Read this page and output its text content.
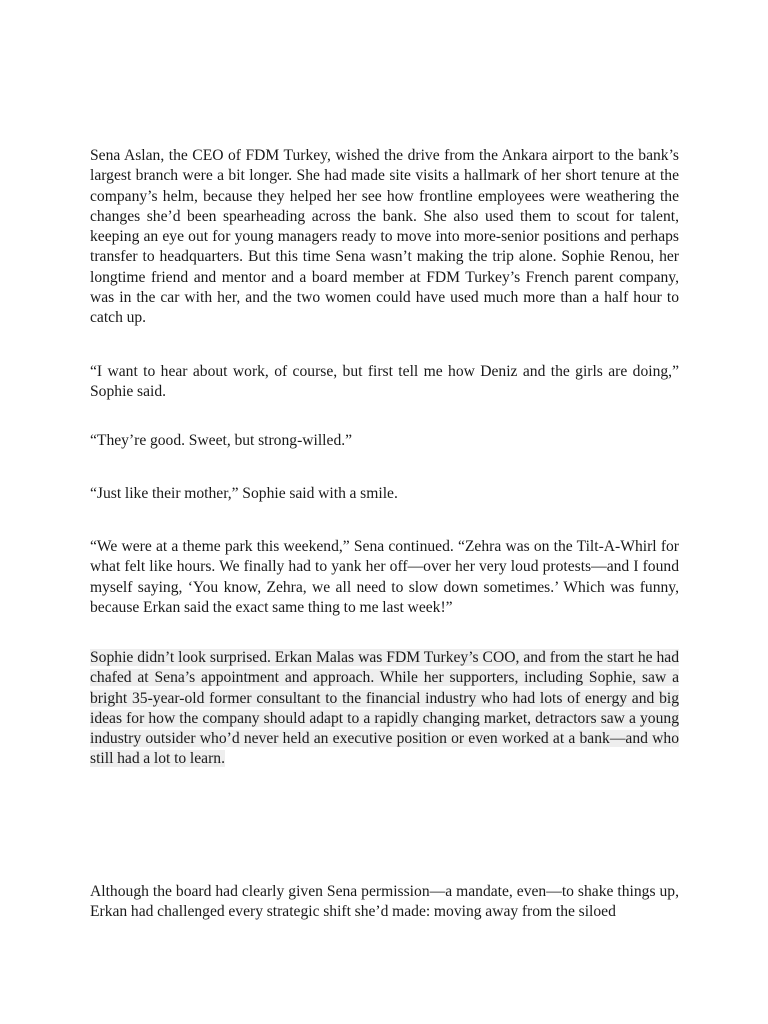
Sena Aslan, the CEO of FDM Turkey, wished the drive from the Ankara airport to the bank’s largest branch were a bit longer. She had made site visits a hallmark of her short tenure at the company’s helm, because they helped her see how frontline employees were weathering the changes she’d been spearheading across the bank. She also used them to scout for talent, keeping an eye out for young managers ready to move into more-senior positions and perhaps transfer to headquarters. But this time Sena wasn’t making the trip alone. Sophie Renou, her longtime friend and mentor and a board member at FDM Turkey’s French parent company, was in the car with her, and the two women could have used much more than a half hour to catch up.

“I want to hear about work, of course, but first tell me how Deniz and the girls are doing,” Sophie said.

“They’re good. Sweet, but strong-willed.”

“Just like their mother,” Sophie said with a smile.

“We were at a theme park this weekend,” Sena continued. “Zehra was on the Tilt-A-Whirl for what felt like hours. We finally had to yank her off—over her very loud protests—and I found myself saying, ‘You know, Zehra, we all need to slow down sometimes.’ Which was funny, because Erkan said the exact same thing to me last week!”

Sophie didn’t look surprised. Erkan Malas was FDM Turkey’s COO, and from the start he had chafed at Sena’s appointment and approach. While her supporters, including Sophie, saw a bright 35-year-old former consultant to the financial industry who had lots of energy and big ideas for how the company should adapt to a rapidly changing market, detractors saw a young industry outsider who’d never held an executive position or even worked at a bank—and who still had a lot to learn.

Although the board had clearly given Sena permission—a mandate, even—to shake things up, Erkan had challenged every strategic shift she’d made: moving away from the siloed
